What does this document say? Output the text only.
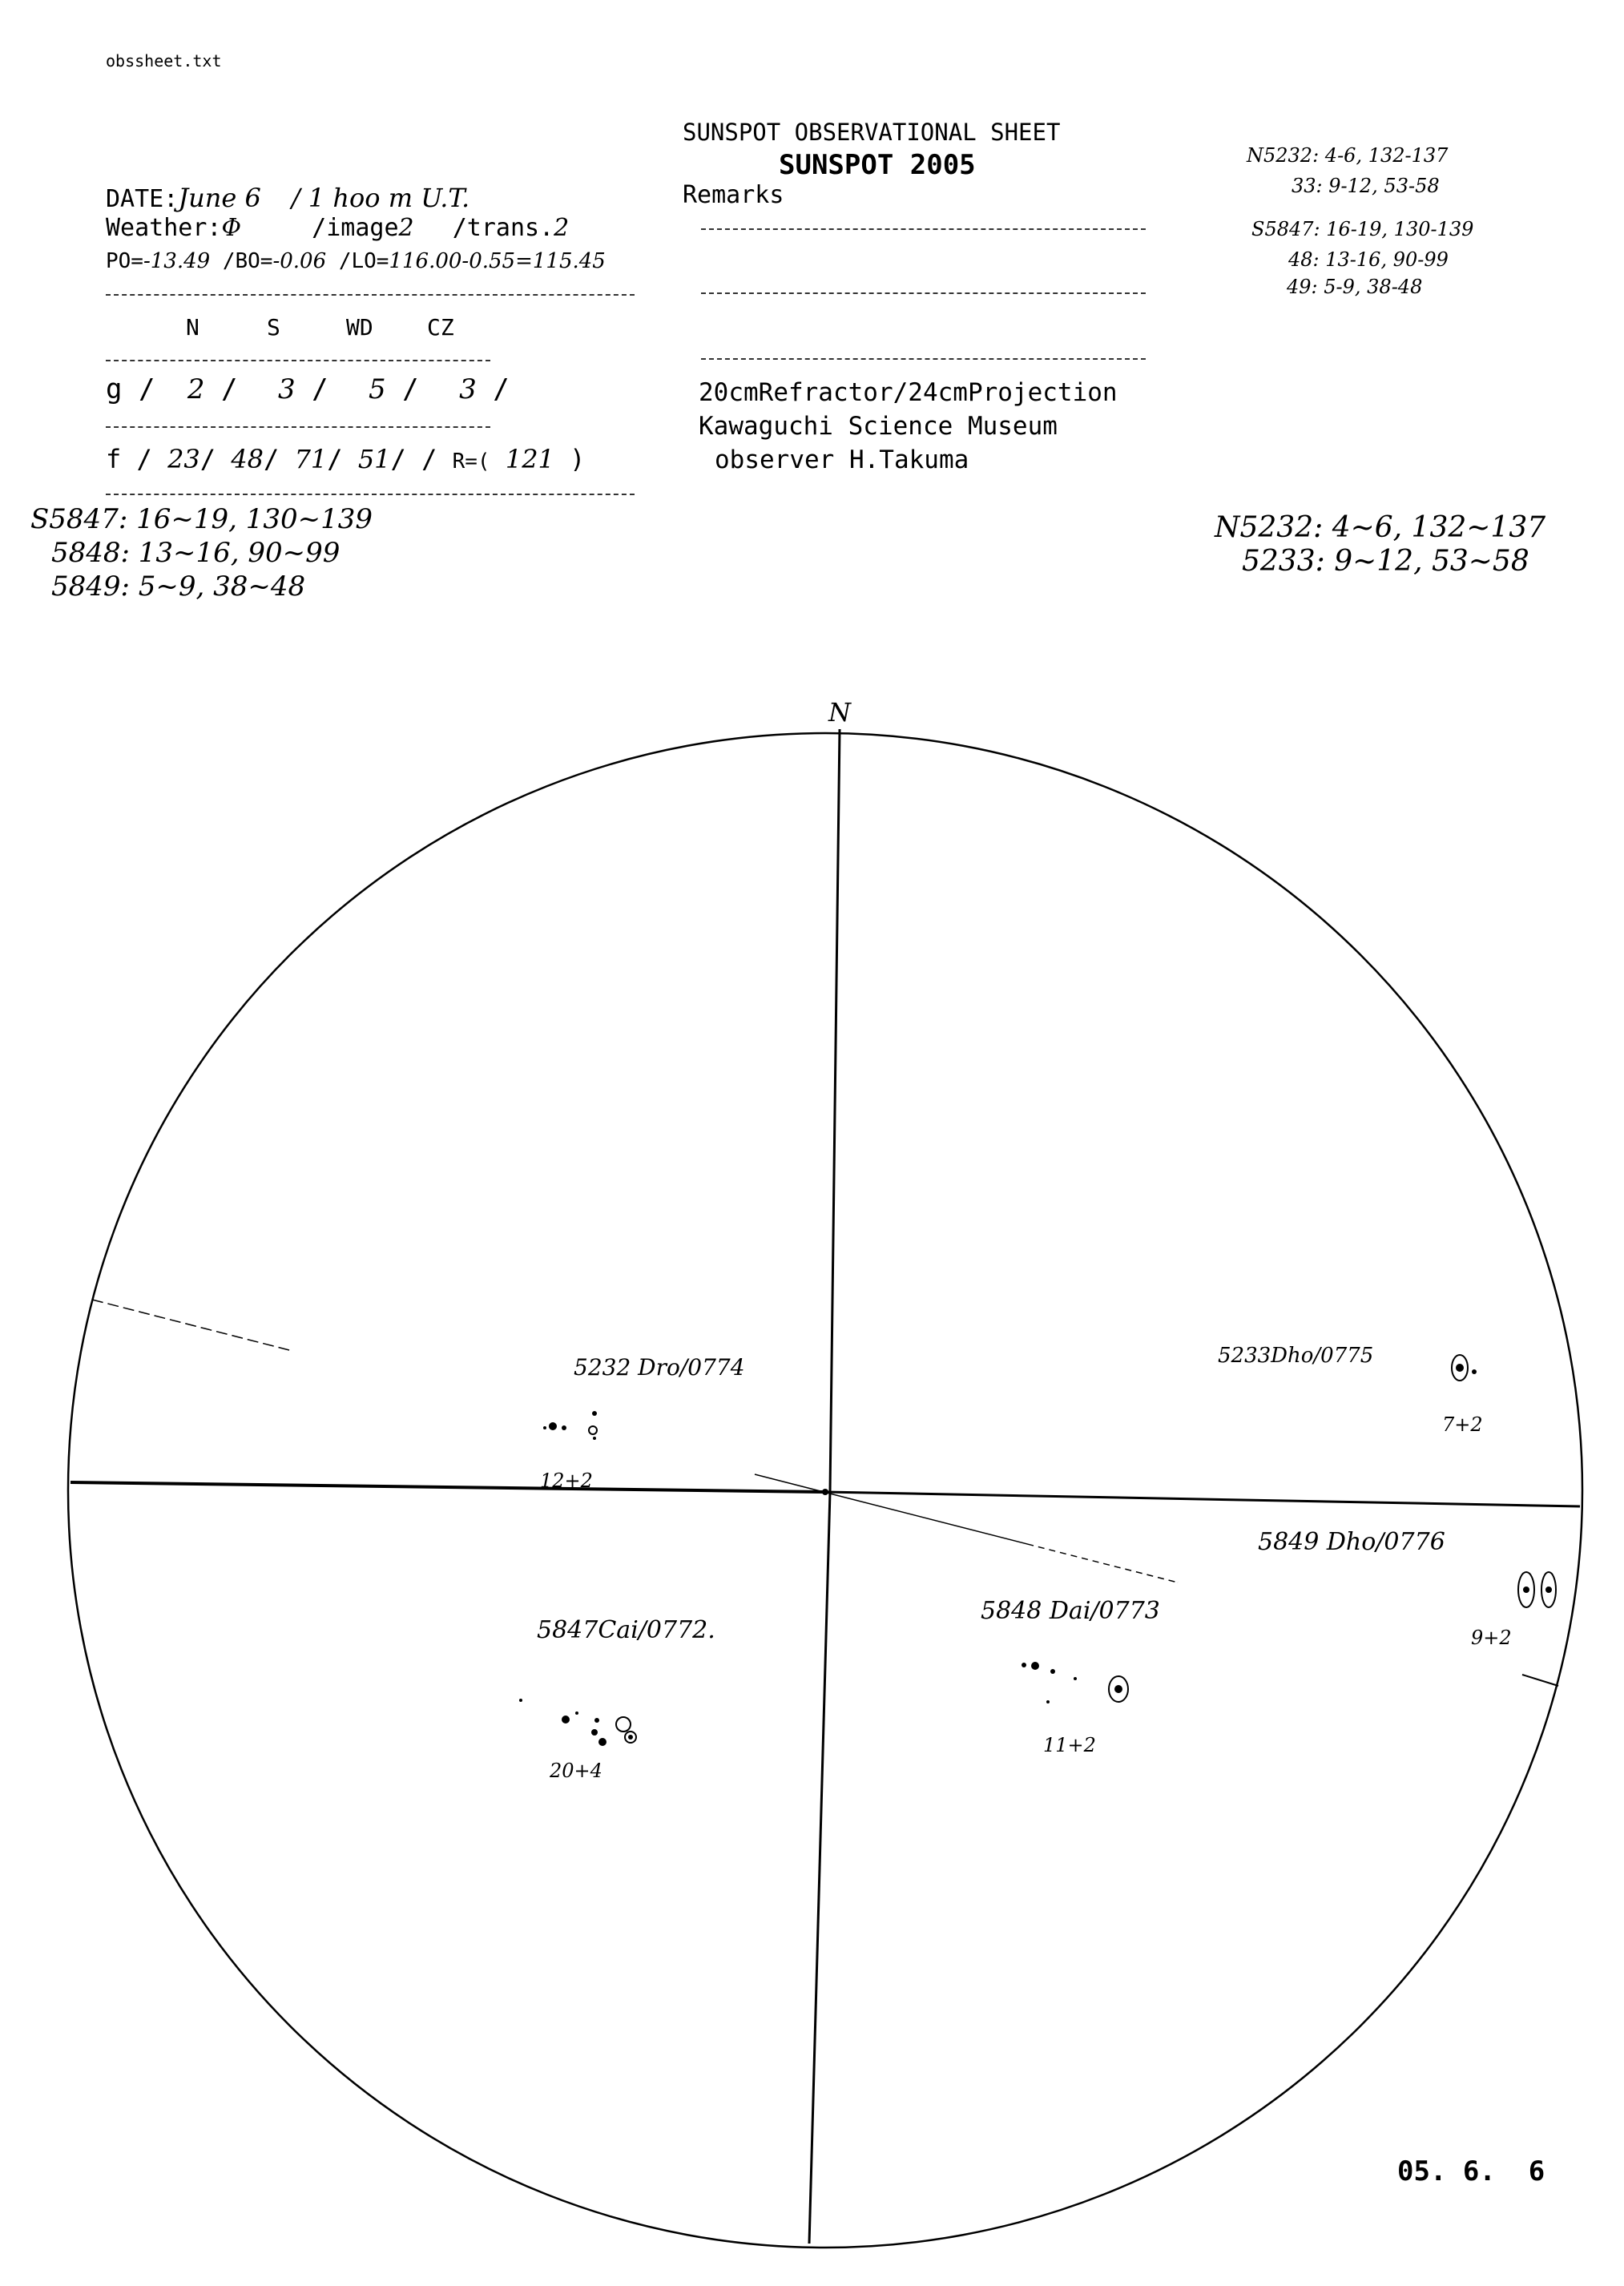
obssheet.txt
SUNSPOT OBSERVATIONAL SHEET
SUNSPOT 2005
Remarks
DATE:June 6 / 1 hoo m U.T.
Weather:Φ	/image2 /trans.2
PO=-13.49 /BO=-0.06 /LO=116.00-0.55=115.45
N	S	WD CZ
g / 2 / 3 / 5 / 3 /
f / 23/ 48/ 71/ 51/ / R=( 121 )
20cmRefractor/24cmProjection
Kawaguchi Science Museum
observer H.Takuma
N5232: 4-6, 132-137
33: 9-12, 53-58
S5847: 16-19, 130-139
48: 13-16, 90-99
49: 5-9, 38-48
S5847: 16~19, 130~139
5848: 13~16, 90~99
5849: 5~9, 38~48
N5232: 4~6, 132~137
5233: 9~12, 53~58
N
5232 Dro/0774
12+2
5233Dho/0775
7+2
5849 Dho/0776
9+2
5847Cai/0772.
20+4
5848 Dai/0773
11+2
05. 6.  6
